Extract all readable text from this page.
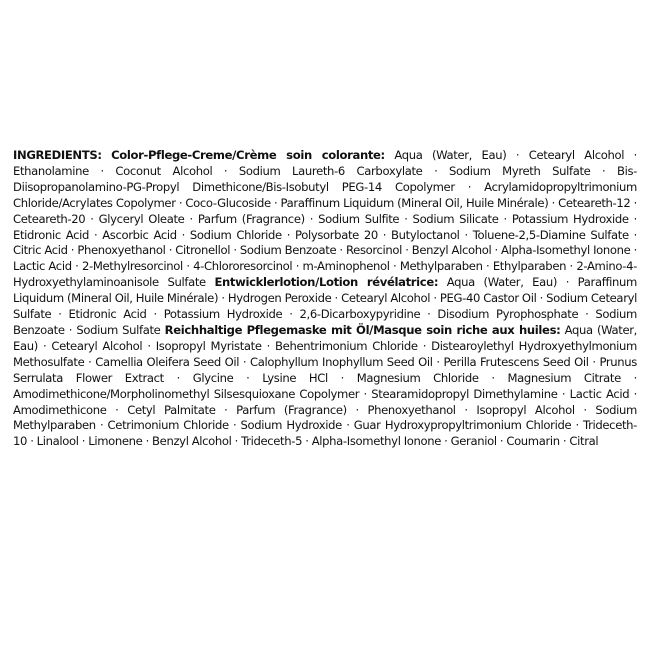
INGREDIENTS: Color-Pflege-Creme/Crème soin colorante: Aqua (Water, Eau) · Cetearyl Alcohol · Ethanolamine · Coconut Alcohol · Sodium Laureth-6 Carboxylate · Sodium Myreth Sulfate · Bis-Diisopropanolamino-PG-Propyl Dimethicone/Bis-Isobutyl PEG-14 Copolymer · Acrylamidopropyltrimonium Chloride/Acrylates Copolymer · Coco-Glucoside · Paraffinum Liquidum (Mineral Oil, Huile Minérale) · Ceteareth-12 · Ceteareth-20 · Glyceryl Oleate · Parfum (Fragrance) · Sodium Sulfite · Sodium Silicate · Potassium Hydroxide · Etidronic Acid · Ascorbic Acid · Sodium Chloride · Polysorbate 20 · Butyloctanol · Toluene-2,5-Diamine Sulfate · Citric Acid · Phenoxyethanol · Citronellol · Sodium Benzoate · Resorcinol · Benzyl Alcohol · Alpha-Isomethyl Ionone · Lactic Acid · 2-Methylresorcinol · 4-Chlororesorcinol · m-Aminophenol · Methylparaben · Ethylparaben · 2-Amino-4-Hydroxyethylaminoanisole Sulfate Entwicklerlotion/Lotion révélatrice: Aqua (Water, Eau) · Paraffinum Liquidum (Mineral Oil, Huile Minérale) · Hydrogen Peroxide · Cetearyl Alcohol · PEG-40 Castor Oil · Sodium Cetearyl Sulfate · Etidronic Acid · Potassium Hydroxide · 2,6-Dicarboxypyridine · Disodium Pyrophosphate · Sodium Benzoate · Sodium Sulfate Reichhaltige Pflegemaske mit Öl/Masque soin riche aux huiles: Aqua (Water, Eau) · Cetearyl Alcohol · Isopropyl Myristate · Behentrimonium Chloride · Distearoylethyl Hydroxyethylmonium Methosulfate · Camellia Oleifera Seed Oil · Calophyllum Inophyllum Seed Oil · Perilla Frutescens Seed Oil · Prunus Serrulata Flower Extract · Glycine · Lysine HCl · Magnesium Chloride · Magnesium Citrate · Amodimethicone/Morpholinomethyl Silsesquioxane Copolymer · Stearamidopropyl Dimethylamine · Lactic Acid · Amodimethicone · Cetyl Palmitate · Parfum (Fragrance) · Phenoxyethanol · Isopropyl Alcohol · Sodium Methylparaben · Cetrimonium Chloride · Sodium Hydroxide · Guar Hydroxypropyltrimonium Chloride · Trideceth-10 · Linalool · Limonene · Benzyl Alcohol · Trideceth-5 · Alpha-Isomethyl Ionone · Geraniol · Coumarin · Citral
